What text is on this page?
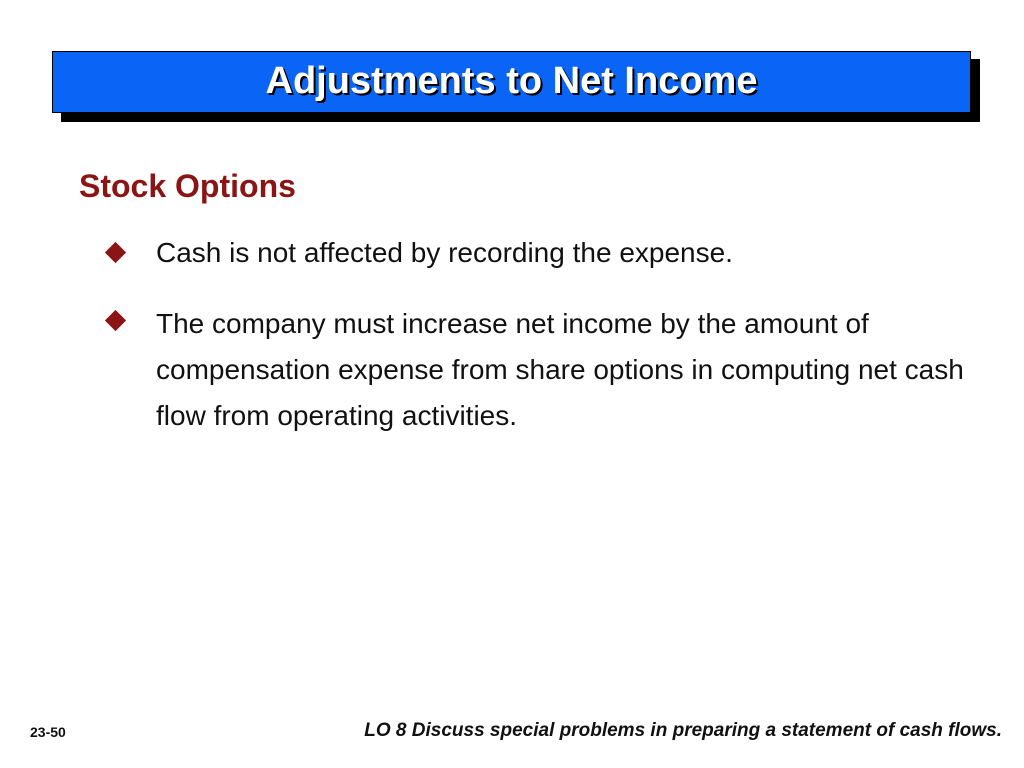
Adjustments to Net Income
Stock Options
Cash is not affected by recording the expense.
The company must increase net income by the amount of compensation expense from share options in computing net cash flow from operating activities.
23-50	LO 8 Discuss special problems in preparing a statement of cash flows.
